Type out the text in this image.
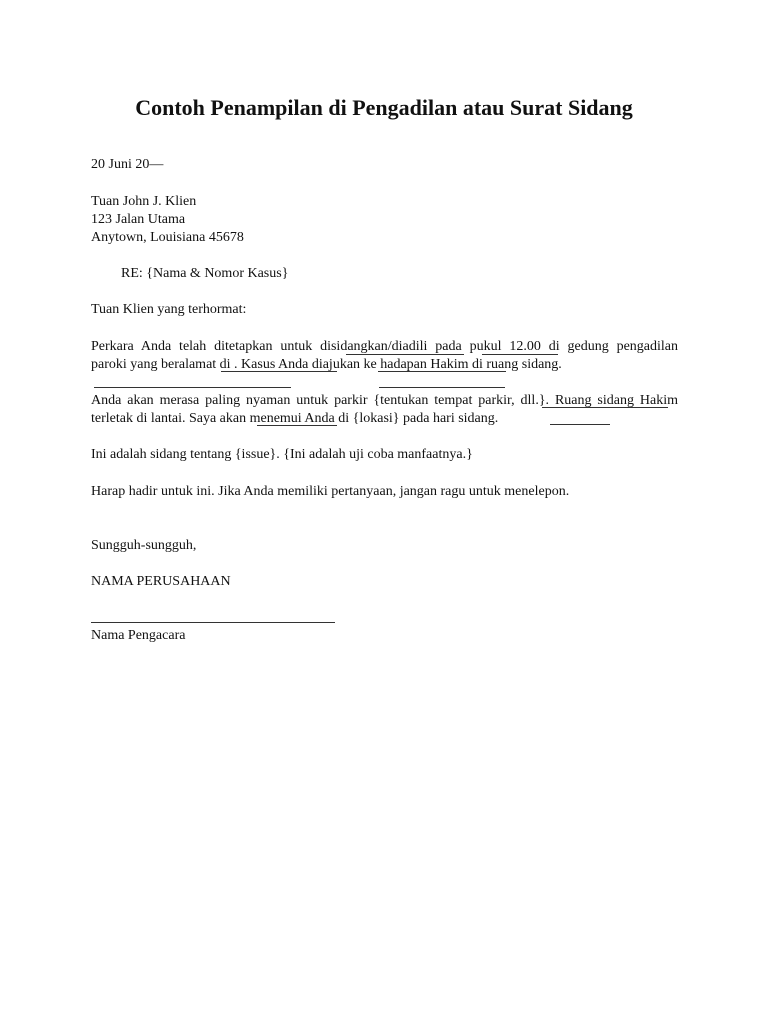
Contoh Penampilan di Pengadilan atau Surat Sidang
20 Juni 20—
Tuan John J. Klien
123 Jalan Utama
Anytown, Louisiana 45678
RE: {Nama & Nomor Kasus}
Tuan Klien yang terhormat:
Perkara Anda telah ditetapkan untuk disidangkan/diadili pada pukul 12.00 di gedung pengadilan
paroki yang beralamat di . Kasus Anda diajukan ke hadapan Hakim di ruang sidang.
Anda akan merasa paling nyaman untuk parkir {tentukan tempat parkir, dll.}. Ruang sidang Hakim
terletak di lantai. Saya akan menemui Anda di {lokasi} pada hari sidang.
Ini adalah sidang tentang {issue}. {Ini adalah uji coba manfaatnya.}
Harap hadir untuk ini. Jika Anda memiliki pertanyaan, jangan ragu untuk menelepon.
Sungguh-sungguh,
NAMA PERUSAHAAN
Nama Pengacara
